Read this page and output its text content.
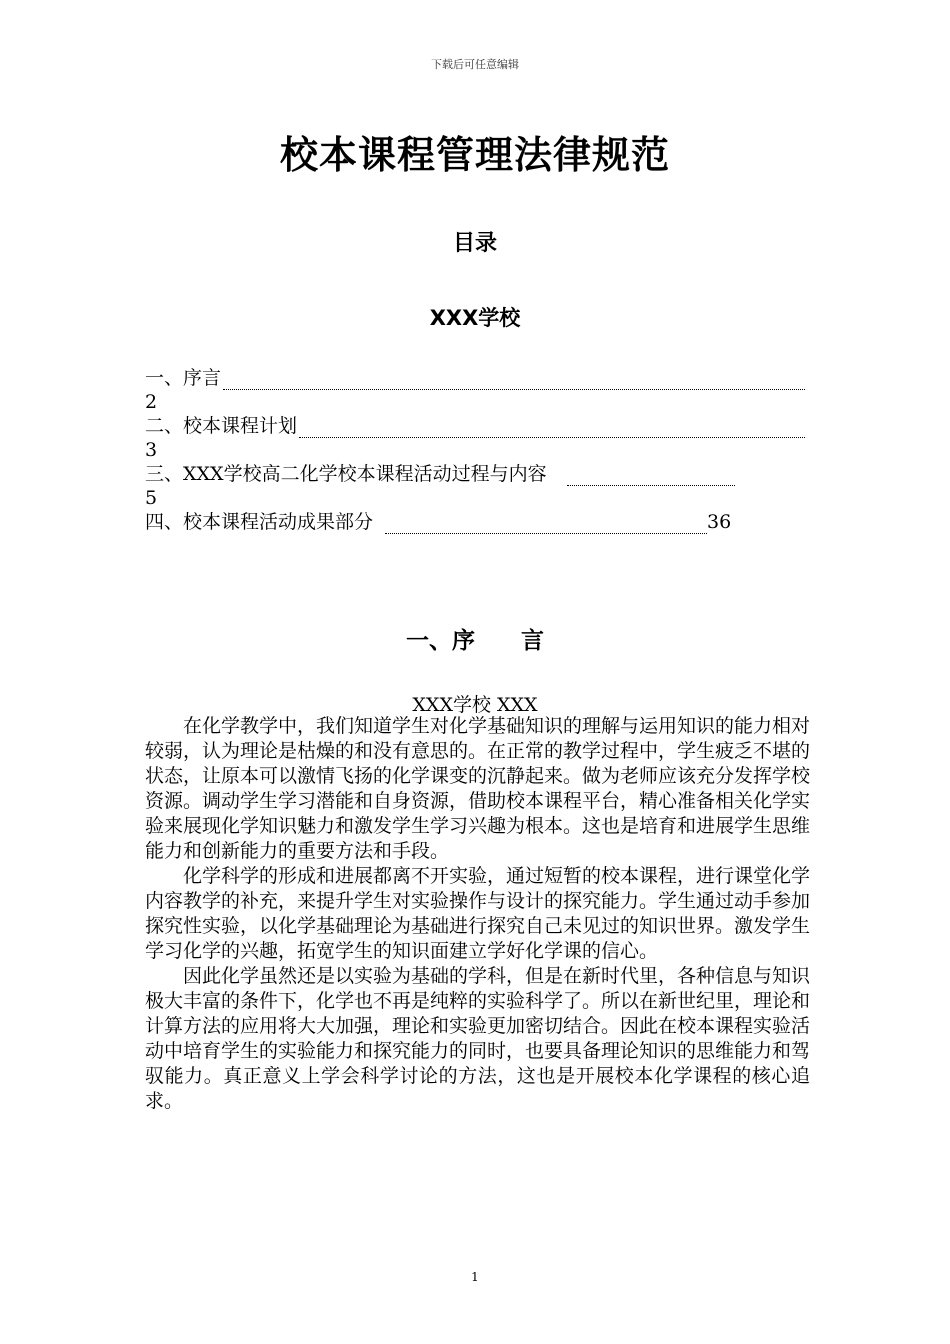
下载后可任意编辑
校本课程管理法律规范
目录
XXX学校
一、序言
2
二、校本课程计划
3
三、XXX学校高二化学校本课程活动过程与内容
5
四、校本课程活动成果部分	36
一、序 言
XXX学校 XXX

在化学教学中，我们知道学生对化学基础知识的理解与运用知识的能力相对较弱，认为理论是枯燥的和没有意思的。在正常的教学过程中，学生疲乏不堪的状态，让原本可以激情飞扬的化学课变的沉静起来。做为老师应该充分发挥学校资源。调动学生学习潜能和自身资源，借助校本课程平台，精心准备相关化学实验来展现化学知识魅力和激发学生学习兴趣为根本。这也是培育和进展学生思维能力和创新能力的重要方法和手段。

化学科学的形成和进展都离不开实验，通过短暂的校本课程，进行课堂化学内容教学的补充，来提升学生对实验操作与设计的探究能力。学生通过动手参加探究性实验，以化学基础理论为基础进行探究自己未见过的知识世界。激发学生学习化学的兴趣，拓宽学生的知识面建立学好化学课的信心。

因此化学虽然还是以实验为基础的学科，但是在新时代里，各种信息与知识极大丰富的条件下，化学也不再是纯粹的实验科学了。所以在新世纪里，理论和计算方法的应用将大大加强，理论和实验更加密切结合。因此在校本课程实验活动中培育学生的实验能力和探究能力的同时，也要具备理论知识的思维能力和驾驭能力。真正意义上学会科学讨论的方法，这也是开展校本化学课程的核心追求。

1
